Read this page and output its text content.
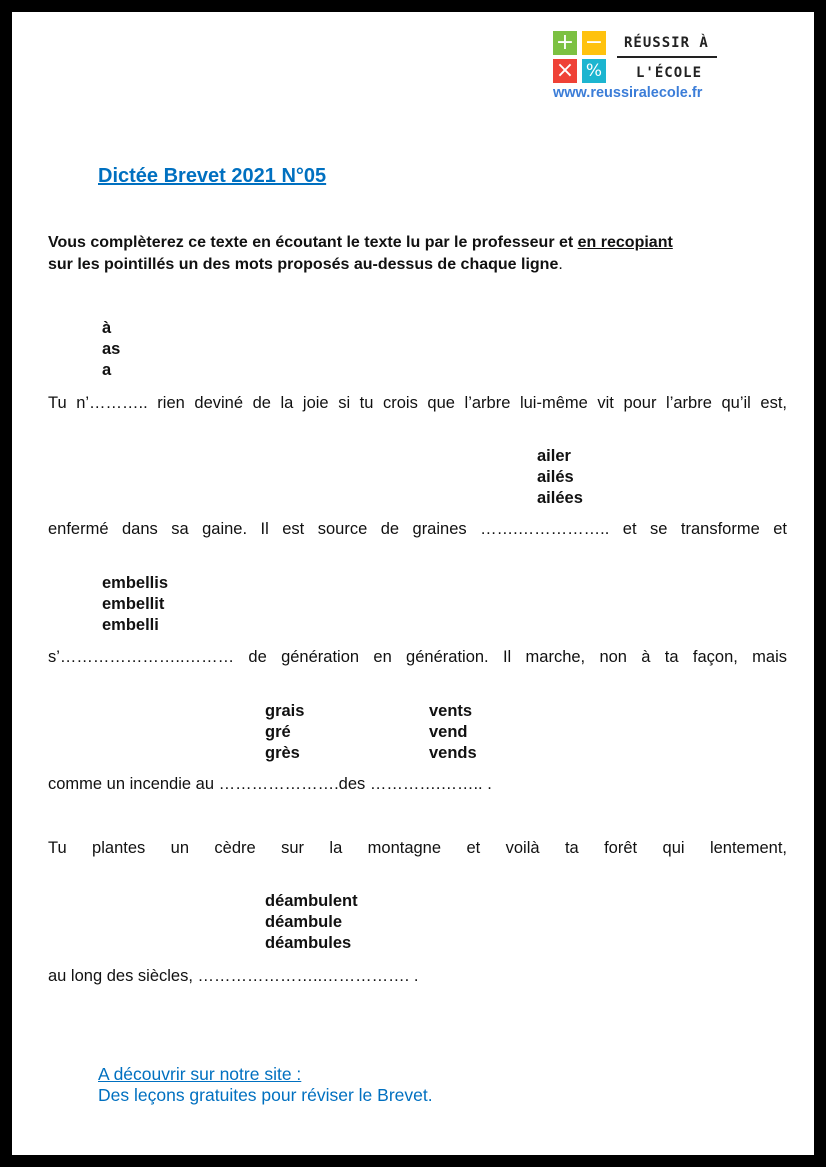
+ −
× %
RÉUSSIR À
L'ÉCOLE
www.reussiralecole.fr
Dictée Brevet 2021 N°05
Vous complèterez ce texte en écoutant le texte lu par le professeur et en recopiant
sur les pointillés un des mots proposés au-dessus de chaque ligne.
à
as
a
Tu n’……….. rien deviné de la joie si tu crois que l’arbre lui-même vit pour l’arbre qu’il est,
ailer
ailés
ailées
enfermé dans sa gaine. Il est source de graines …….…………….. et se transforme et
embellis
embellit
embelli
s’…………………..……… de génération en génération. Il marche, non à ta façon, mais
grais
gré
grès
vents
vend
vends
comme un incendie au ………………….des ………….…….. .
Tu plantes un cèdre sur la montagne et voilà ta forêt qui lentement,
déambulent
déambule
déambules
au long des siècles, …………………..……………. .
A découvrir sur notre site :
Des leçons gratuites pour réviser le Brevet.
